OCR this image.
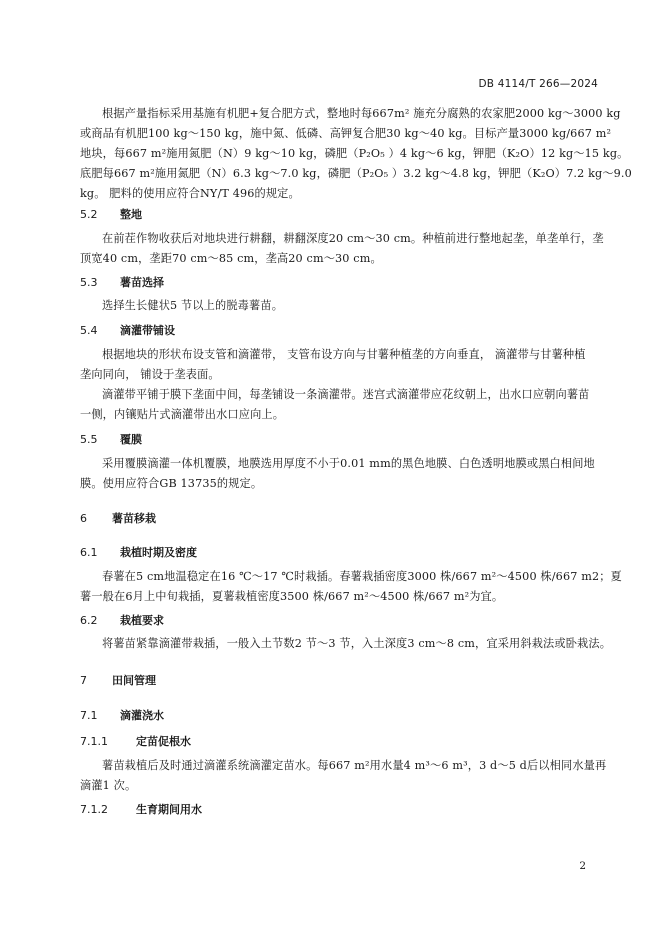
DB 4114/T 266—2024
根据产量指标采用基施有机肥+复合肥方式，整地时每667m² 施充分腐熟的农家肥2000 kg～3000 kg
或商品有机肥100 kg～150 kg，施中氮、低磷、高钾复合肥30 kg～40 kg。目标产量3000 kg/667 m²
地块，每667 m²施用氮肥（N）9 kg～10 kg，磷肥（P₂O₅ ）4 kg～6 kg，钾肥（K₂O）12 kg～15 kg。
底肥每667 m²施用氮肥（N）6.3 kg～7.0 kg，磷肥（P₂O₅ ）3.2 kg～4.8 kg，钾肥（K₂O）7.2 kg～9.0
kg。 肥料的使用应符合NY/T 496的规定。
5.2 整地
在前茬作物收获后对地块进行耕翻，耕翻深度20 cm～30 cm。种植前进行整地起垄，单垄单行，垄
顶宽40 cm，垄距70 cm～85 cm，垄高20 cm～30 cm。
5.3 薯苗选择
选择生长健状5 节以上的脱毒薯苗。
5.4 滴灌带铺设
根据地块的形状布设支管和滴灌带， 支管布设方向与甘薯种植垄的方向垂直， 滴灌带与甘薯种植
垄向同向， 铺设于垄表面。
滴灌带平铺于膜下垄面中间，每垄铺设一条滴灌带。迷宫式滴灌带应花纹朝上，出水口应朝向薯苗
一侧，内镶贴片式滴灌带出水口应向上。
5.5 覆膜
采用覆膜滴灌一体机覆膜，地膜选用厚度不小于0.01 mm的黑色地膜、白色透明地膜或黑白相间地
膜。使用应符合GB 13735的规定。
6 薯苗移栽
6.1 栽植时期及密度
春薯在5 cm地温稳定在16 ℃～17 ℃时栽插。春薯栽插密度3000 株/667 m²～4500 株/667 m2；夏
薯一般在6月上中旬栽插，夏薯栽植密度3500 株/667 m²～4500 株/667 m²为宜。
6.2 栽植要求
将薯苗紧靠滴灌带栽插，一般入土节数2 节～3 节，入土深度3 cm～8 cm，宜采用斜栽法或卧栽法。
7 田间管理
7.1 滴灌浇水
7.1.1	定苗促根水
薯苗栽植后及时通过滴灌系统滴灌定苗水。每667 m²用水量4 m³～6 m³，3 d～5 d后以相同水量再
滴灌1 次。
7.1.2	生育期间用水
2
